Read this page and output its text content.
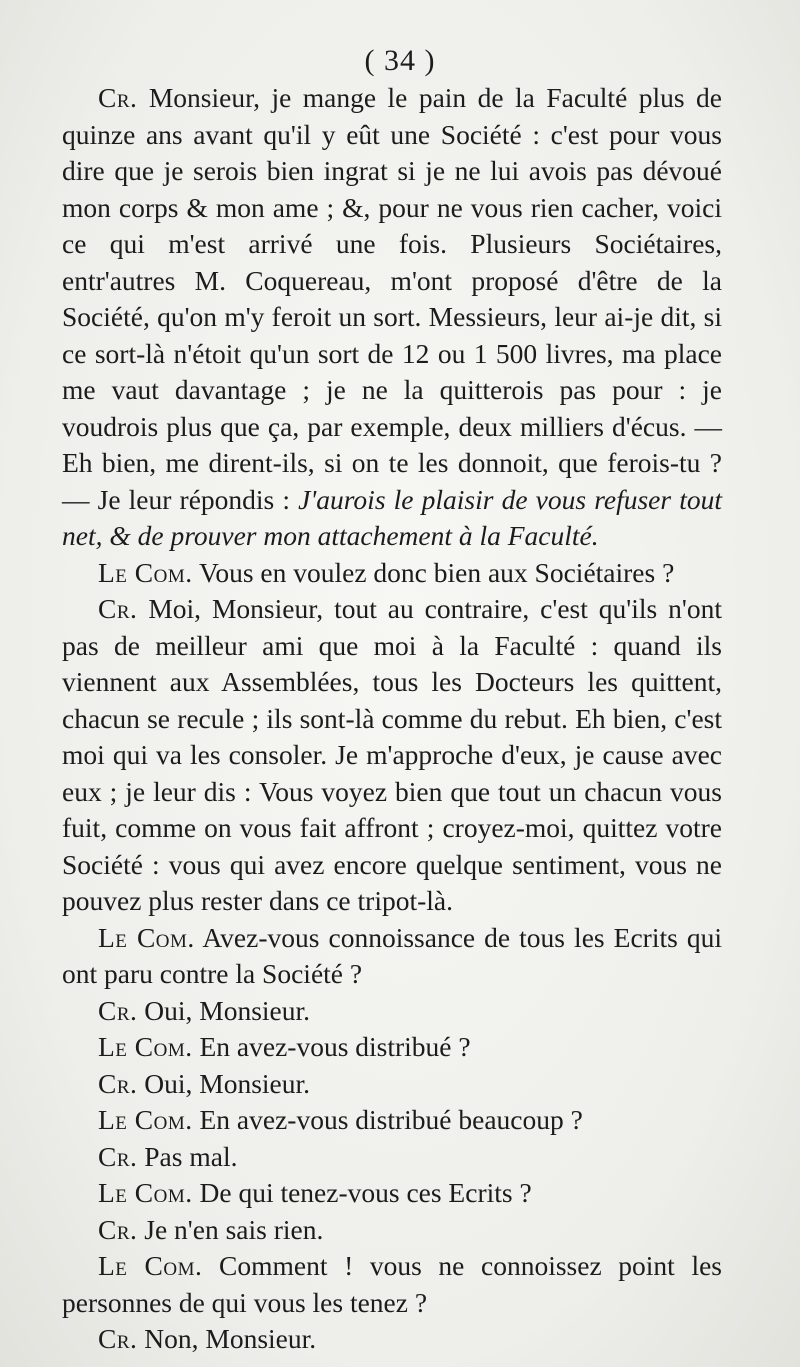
( 34 )

Cr. Monsieur, je mange le pain de la Faculté plus de quinze ans avant qu'il y eût une Société : c'est pour vous dire que je serois bien ingrat si je ne lui avois pas dévoué mon corps & mon ame ; &, pour ne vous rien cacher, voici ce qui m'est arrivé une fois. Plusieurs Sociétaires, entr'autres M. Coquereau, m'ont proposé d'être de la Société, qu'on m'y feroit un sort. Messieurs, leur ai-je dit, si ce sort-là n'étoit qu'un sort de 12 ou 1 500 livres, ma place me vaut davantage ; je ne la quitterois pas pour : je voudrois plus que ça, par exemple, deux milliers d'écus. — Eh bien, me dirent-ils, si on te les donnoit, que ferois-tu ? — Je leur répondis : J'aurois le plaisir de vous refuser tout net, & de prouver mon attachement à la Faculté.

Le Com. Vous en voulez donc bien aux Sociétaires ?

Cr. Moi, Monsieur, tout au contraire, c'est qu'ils n'ont pas de meilleur ami que moi à la Faculté : quand ils viennent aux Assemblées, tous les Docteurs les quittent, chacun se recule ; ils sont-là comme du rebut. Eh bien, c'est moi qui va les consoler. Je m'approche d'eux, je cause avec eux ; je leur dis : Vous voyez bien que tout un chacun vous fuit, comme on vous fait affront ; croyez-moi, quittez votre Société : vous qui avez encore quelque sentiment, vous ne pouvez plus rester dans ce tripot-là.

Le Com. Avez-vous connoissance de tous les Ecrits qui ont paru contre la Société ?

Cr. Oui, Monsieur.

Le Com. En avez-vous distribué ?

Cr. Oui, Monsieur.

Le Com. En avez-vous distribué beaucoup ?

Cr. Pas mal.

Le Com. De qui tenez-vous ces Ecrits ?

Cr. Je n'en sais rien.

Le Com. Comment ! vous ne connoissez point les personnes de qui vous les tenez ?

Cr. Non, Monsieur.
